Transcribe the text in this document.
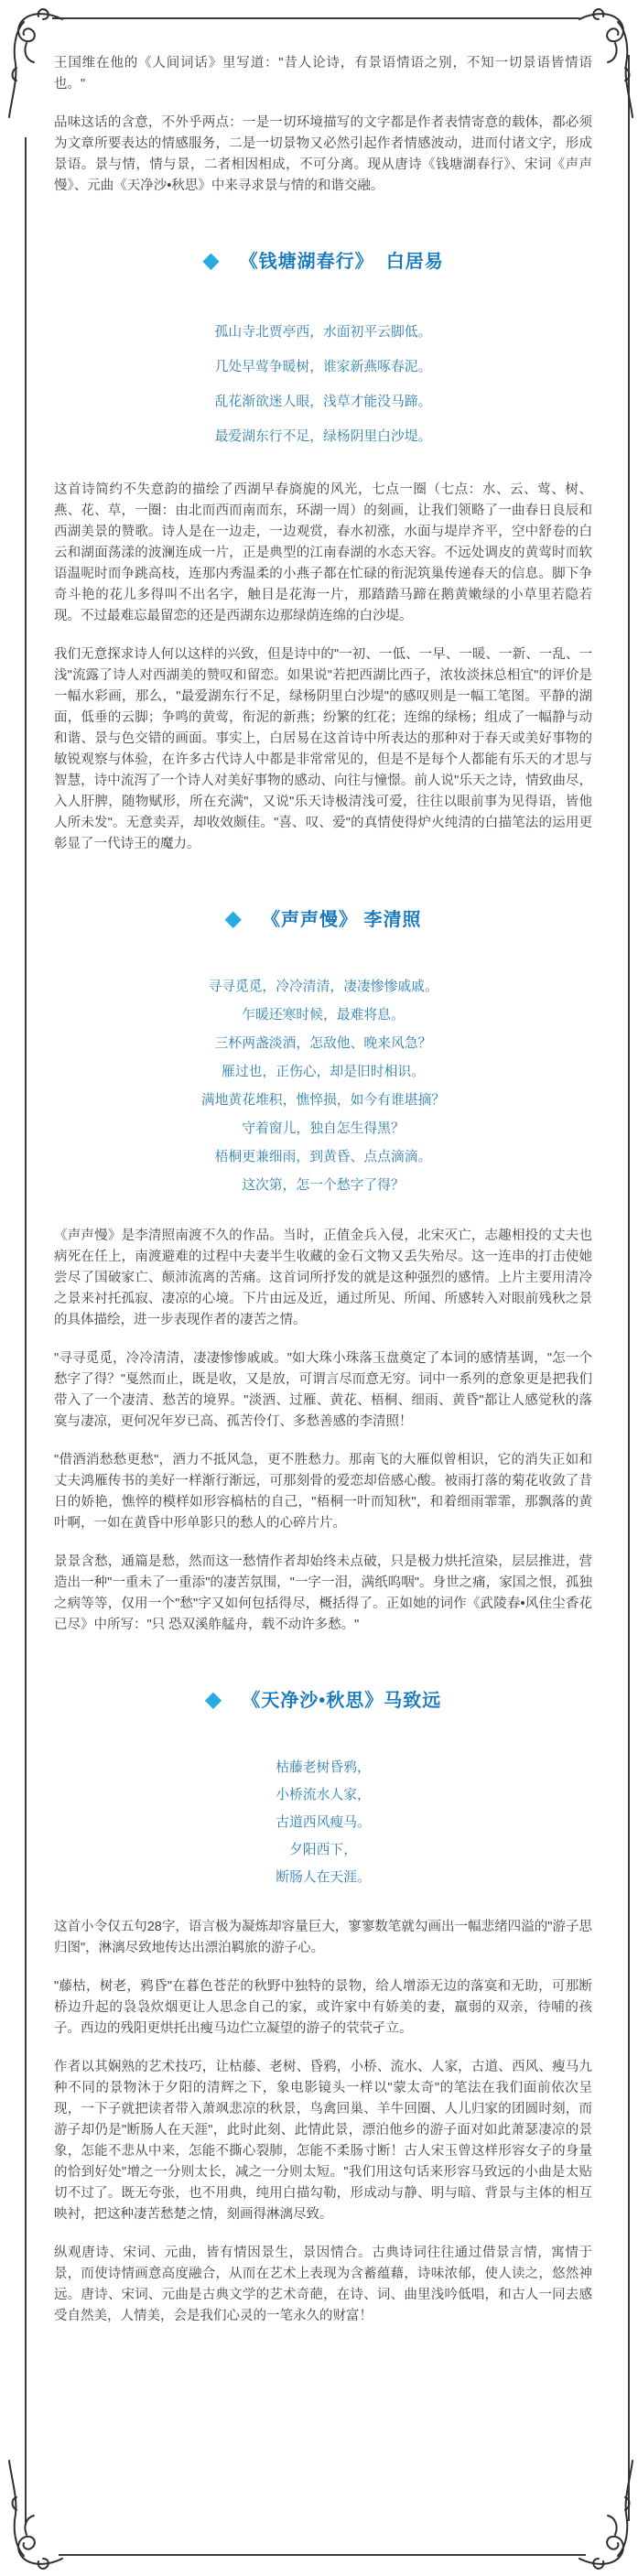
王国维在他的《人间词话》里写道："昔人论诗，有景语情语之别，不知一切景语皆情语也。"

品味这话的含意，不外乎两点：一是一切环境描写的文字都是作者表情寄意的载体，都必须为文章所要表达的情感服务，二是一切景物又必然引起作者情感波动，进而付诸文字，形成景语。景与情，情与景，二者相因相成，不可分离。现从唐诗《钱塘湖春行》、宋词《声声慢》、元曲《天净沙•秋思》中来寻求景与情的和谐交融。

◆ 《钱塘湖春行》  白居易

孤山寺北贾亭西，水面初平云脚低。

几处早莺争暖树，谁家新燕啄春泥。

乱花渐欲迷人眼，浅草才能没马蹄。

最爱湖东行不足，绿杨阴里白沙堤。

这首诗简约不失意韵的描绘了西湖早春旖旎的风光，七点一圈（七点：水、云、莺、树、燕、花、草，一圈：由北而西而南而东，环湖一周）的刻画，让我们领略了一曲春日良辰和西湖美景的赞歌。诗人是在一边走，一边观赏，春水初涨，水面与堤岸齐平，空中舒卷的白云和湖面荡漾的波澜连成一片，正是典型的江南春湖的水态天容。不远处调皮的黄莺时而软语温呢时而争跳高枝，连那内秀温柔的小燕子都在忙碌的衔泥筑巢传递春天的信息。脚下争奇斗艳的花儿多得叫不出名字，触目是花海一片，那踏踏马蹄在鹅黄嫩绿的小草里若隐若现。不过最难忘最留恋的还是西湖东边那绿荫连绵的白沙堤。

我们无意探求诗人何以这样的兴致，但是诗中的"一初、一低、一早、一暖、一新、一乱、一浅"流露了诗人对西湖美的赞叹和留恋。如果说"若把西湖比西子，浓妆淡抹总相宜"的评价是一幅水彩画，那么，"最爱湖东行不足，绿杨阴里白沙堤"的感叹则是一幅工笔图。平静的湖面，低垂的云脚；争鸣的黄莺，衔泥的新燕；纷繁的红花；连绵的绿杨；组成了一幅静与动和谐、景与色交错的画面。事实上，白居易在这首诗中所表达的那种对于春天或美好事物的敏锐观察与体验，在许多古代诗人中都是非常常见的，但是不是每个人都能有乐天的才思与智慧，诗中流泻了一个诗人对美好事物的感动、向往与憧憬。前人说"乐天之诗，情致曲尽，入人肝脾，随物赋形，所在充满"，又说"乐天诗极清浅可爱，往往以眼前事为见得语，皆他人所未发"。无意卖弄，却收效颇佳。"喜、叹、爱"的真情使得炉火纯清的白描笔法的运用更彰显了一代诗王的魔力。

◆ 《声声慢》 李清照

寻寻觅觅，冷冷清清，凄凄惨惨戚戚。

乍暖还寒时候，最难将息。

三杯两盏淡酒，怎敌他、晚来风急？

雁过也，正伤心，却是旧时相识。

满地黄花堆积，憔悴损，如今有谁堪摘？

守着窗儿，独自怎生得黑？

梧桐更兼细雨，到黄昏、点点滴滴。

这次第，怎一个愁字了得？

《声声慢》是李清照南渡不久的作品。当时，正值金兵入侵，北宋灭亡，志趣相投的丈夫也病死在任上，南渡避难的过程中夫妻半生收藏的金石文物又丢失殆尽。这一连串的打击使她尝尽了国破家亡、颠沛流离的苦痛。这首词所抒发的就是这种强烈的感情。上片主要用清冷之景来衬托孤寂、凄凉的心境。下片由远及近，通过所见、所闻、所感转入对眼前残秋之景的具体描绘，进一步表现作者的凄苦之情。

"寻寻觅觅，冷冷清清，凄凄惨惨戚戚。"如大珠小珠落玉盘奠定了本词的感情基调，"怎一个愁字了得？"戛然而止，既是收，又是放，可谓言尽而意无穷。词中一系列的意象更是把我们带入了一个凄清、愁苦的境界。"淡酒、过雁、黄花、梧桐、细雨、黄昏"都让人感觉秋的落寞与凄凉，更何况年岁已高、孤苦伶仃、多愁善感的李清照！

"借酒消愁愁更愁"，酒力不抵风急，更不胜愁力。那南飞的大雁似曾相识，它的消失正如和丈夫鸿雁传书的美好一样渐行渐远，可那刻骨的爱恋却倍感心酸。被雨打落的菊花收敛了昔日的娇艳，憔悴的模样如形容槁枯的自己，"梧桐一叶而知秋"，和着细雨霏霏，那飘落的黄叶啊，一如在黄昏中形单影只的愁人的心碎片片。

景景含愁，通篇是愁，然而这一愁情作者却始终未点破，只是极力烘托渲染，层层推进，营造出一种"一重未了一重添"的凄苦氛围，"一字一泪，满纸呜咽"。身世之痛，家国之恨，孤独之病等等，仅用一个"愁"字又如何包括得尽，概括得了。正如她的词作《武陵春•风住尘香花已尽》中所写："只 恐双溪舴艋舟，载不动许多愁。"

◆ 《天净沙•秋思》马致远

枯藤老树昏鸦，

小桥流水人家，

古道西风瘦马。

夕阳西下，

断肠人在天涯。

这首小令仅五句28字，语言极为凝炼却容量巨大，寥寥数笔就勾画出一幅悲绪四溢的"游子思归图"，淋漓尽致地传达出漂泊羁旅的游子心。

"藤枯，树老，鸦昏"在暮色苍茫的秋野中独特的景物，给人增添无边的落寞和无助，可那断桥边升起的袅袅炊烟更让人思念自己的家，或许家中有娇美的妻，羸弱的双亲，待哺的孩子。西边的残阳更烘托出瘦马边伫立凝望的游子的茕茕孑立。

作者以其娴熟的艺术技巧，让枯藤、老树、昏鸦，小桥、流水、人家，古道、西风、瘦马九种不同的景物沐于夕阳的清辉之下，象电影镜头一样以"蒙太奇"的笔法在我们面前依次呈现，一下子就把读者带入萧飒悲凉的秋景，鸟禽回巢、羊牛回圈、人儿归家的团圆时刻，而游子却仍是"断肠人在天涯"，此时此刻、此情此景，漂泊他乡的游子面对如此萧瑟凄凉的景象，怎能不悲从中来，怎能不撕心裂肺，怎能不柔肠寸断！古人宋玉曾这样形容女子的身量的恰到好处"增之一分则太长，减之一分则太短。"我们用这句话来形容马致远的小曲是太贴切不过了。既无夸张，也不用典，纯用白描勾勒，形成动与静、明与暗、背景与主体的相互映衬，把这种凄苦愁楚之情，刻画得淋漓尽致。

纵观唐诗、宋词、元曲，皆有情因景生，景因情合。古典诗词往往通过借景言情，寓情于景，而使诗情画意高度融合，从而在艺术上表现为含蓄蕴藉，诗味浓郁，使人读之，悠然神远。唐诗、宋词、元曲是古典文学的艺术奇葩，在诗、词、曲里浅吟低唱，和古人一同去感受自然美，人情美，会是我们心灵的一笔永久的财富！
